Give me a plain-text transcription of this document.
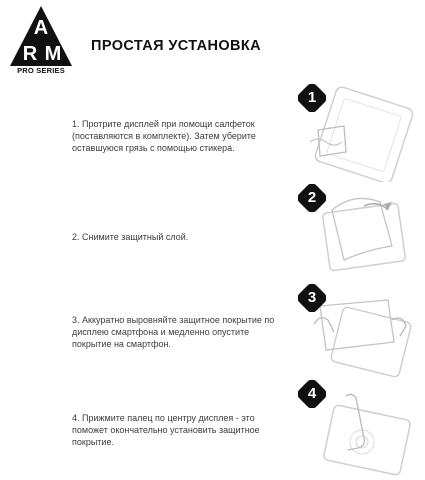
A
R M
PRO SERIES
ПРОСТАЯ УСТАНОВКА
1. Протрите дисплей при помощи салфеток (поставляются в комплекте). Затем уберите оставшуюся грязь с помощью стикера.
1
2. Снимите защитный слой.
2
3. Аккуратно выровняйте защитное покрытие по дисплею смартфона и медленно опустите покрытие на смартфон.
3
4. Прижмите палец по центру дисплея - это поможет окончательно установить защитное покрытие.
4
